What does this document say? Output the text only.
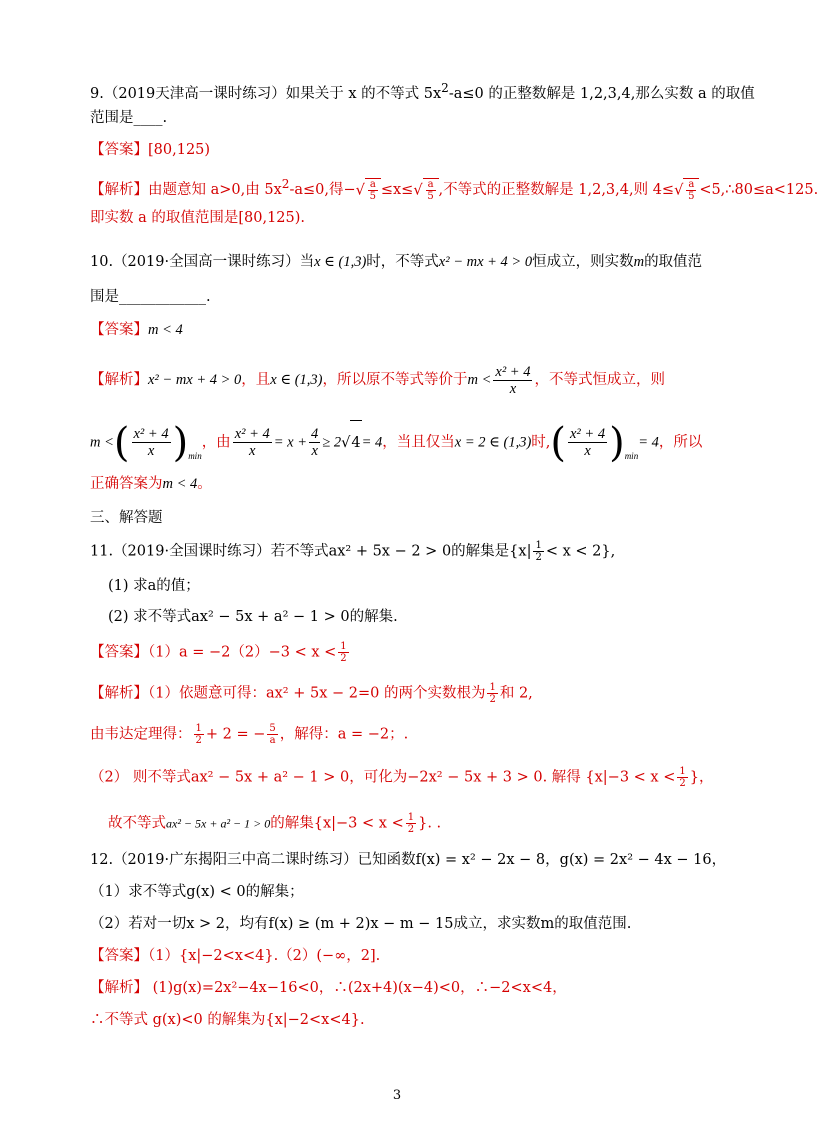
9.（2019天津高一课时练习）如果关于 x 的不等式 $5x^2-a\le 0$ 的正整数解是 1,2,3,4,那么实数 a 的取值
范围是____.
【答案】[80,125)
【解析】由题意知 a>0,由 $5x^2-a\le 0$,得−√ $\frac{a}{5} \le x\le√ \frac{a}{5}$ ,不等式的正整数解是 1,2,3,4,则 $4\le√ \frac{a}{5}$ <5,∴80≤a<125.
即实数 a 的取值范围是[80,125).
10.（2019·全国高一课时练习）当x ∈ (1,3)时，不等式x² − mx + 4 > 0恒成立，则实数m的取值范
围是____________.
【答案】m < 4
【解析】x² − mx + 4 > 0，且x ∈ (1,3)，所以原不等式等价于$m < \frac{\text{x² + 4}}{x}$ ，不等式恒成立，则
m <( $\frac{\text{x² + 4}}{x} )_{min}$，由 $\frac{\text{x² + 4}}{x} = x + \frac{4}{x} \ge 2√4= 4$，当且仅当x = 2 ∈ (1,3)时,( $\frac{\text{x² + 4}}{x} )_{min}= 4$，所以
正确答案为m < 4。
三、解答题
11.（2019·全国课时练习）若不等式ax² + 5x − 2 > 0的解集是$\{x| \frac{1}{2} < x < 2\}$,
(1) 求a的值；
(2) 求不等式ax² − 5x + a² − 1 > 0的解集.
【答案】$(1)a = -2(2)-3 < x < \frac{1}{2}$
【解析】（1）依题意可得：ax² + 5x − 2=0 的两个实数根为 $\frac{1}{2}$ 和 2,
由韦达定理得： $\frac{1}{2} + 2$ = − $\frac{5}{a}$ ，解得：a = −2；.
（2） 则不等式ax² − 5x + a² − 1 > 0，可化为−2x² − 5x + 3 > 0. 解得 {$x|-3 < x < \frac{1}{2}$ }，
故不等式ax² − 5x + a² − 1 > 0的解集{$x|-3 < x < \frac{1}{2}$ }. .
12.（2019·广东揭阳三中高二课时练习）已知函数f(x) = x² − 2x − 8，g(x) = 2x² − 4x − 16，
（1）求不等式g(x) < 0的解集；
（2）若对一切x > 2，均有f(x) ≥ (m + 2)x − m − 15成立，求实数m的取值范围.
【答案】（1）{x|−2<x<4}.（2）(−∞，2].
【解析】 (1)g(x)=2x²−4x−16<0，∴(2x+4)(x−4)<0，∴−2<x<4，
∴不等式 g(x)<0 的解集为{x|−2<x<4}.
3
